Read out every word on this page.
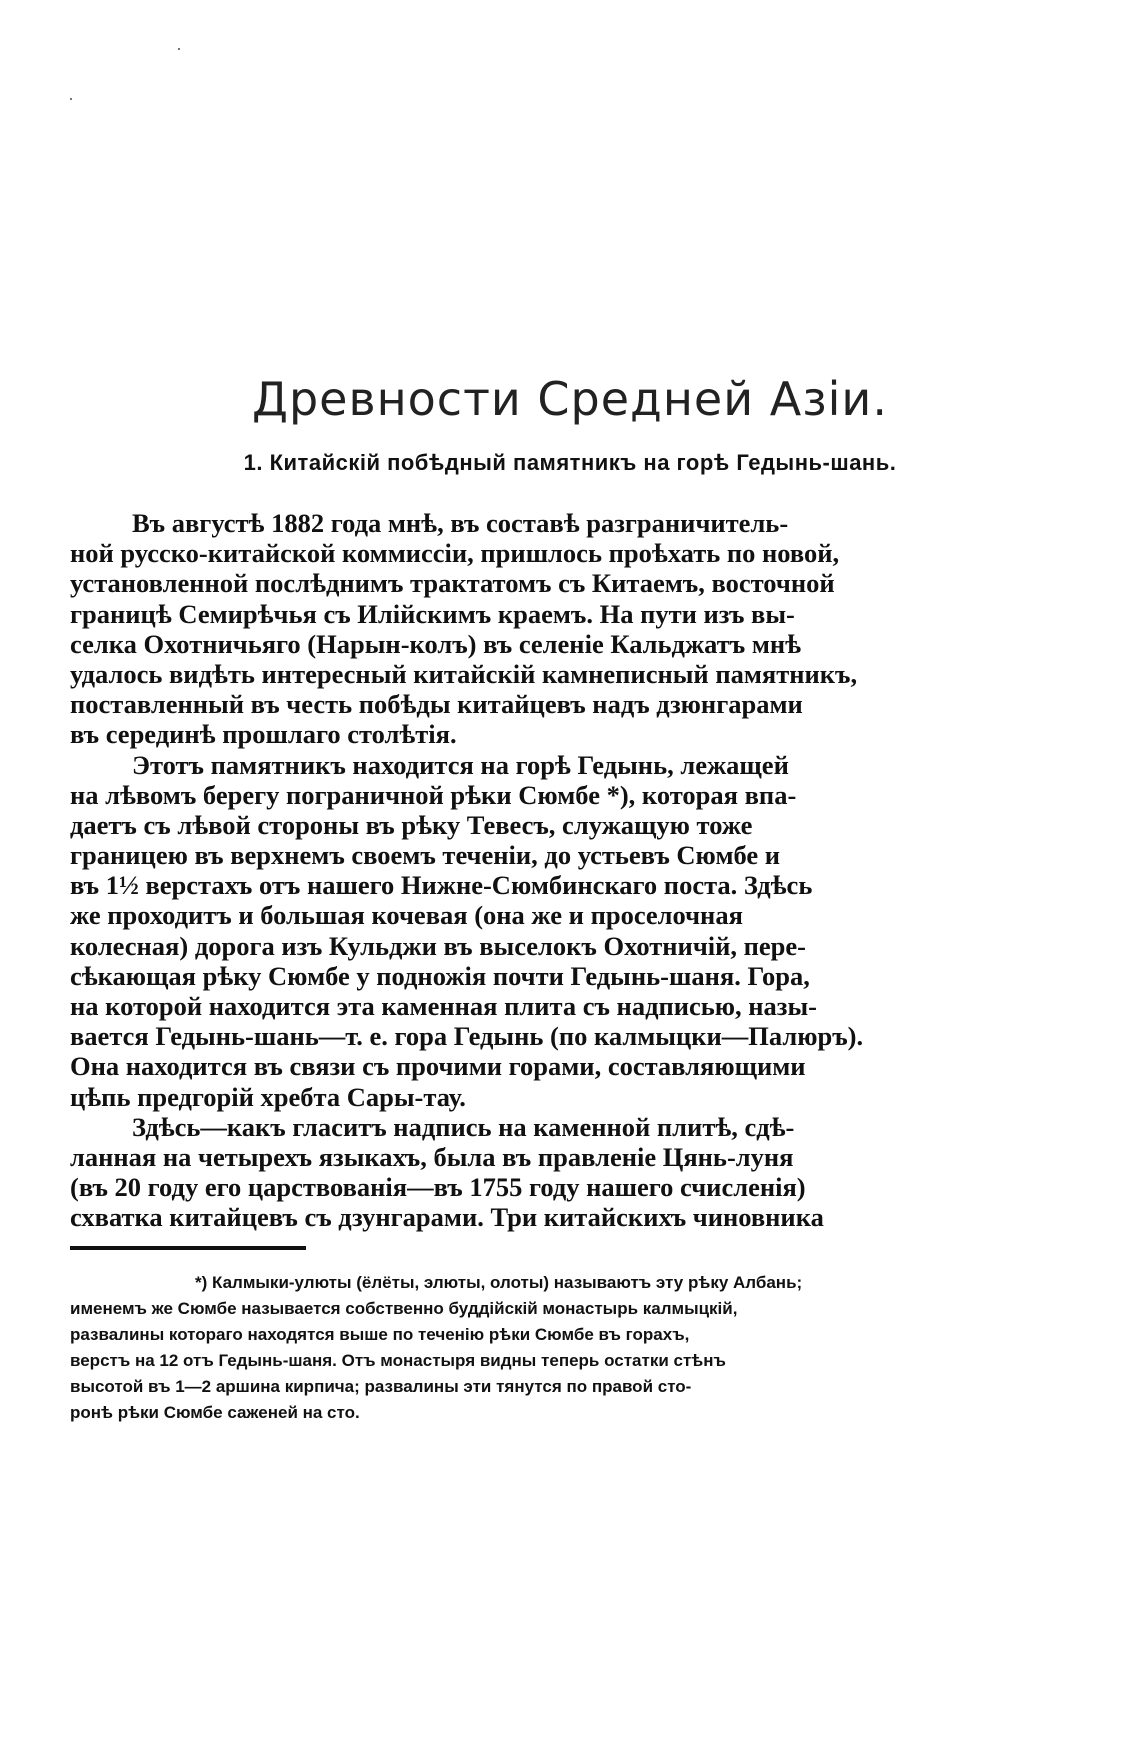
Древности Средней Азiи.
1. Китайскiй побѣдный памятникъ на горѣ Гедынь-шань.
Въ августѣ 1882 года мнѣ, въ составѣ разграничитель-
ной русско-китайской коммиссiи, пришлось проѣхать по новой,
установленной послѣднимъ трактатомъ съ Китаемъ, восточной
границѣ Семирѣчья съ Илiйскимъ краемъ. На пути изъ вы-
селка Охотничьяго (Нарын-колъ) въ селенiе Кальджатъ мнѣ
удалось видѣть интересный китайскiй камнеписный памятникъ,
поставленный въ честь побѣды китайцевъ надъ дзюнгарами
въ серединѣ прошлаго столѣтiя.
Этотъ памятникъ находится на горѣ Гедынь, лежащей
на лѣвомъ берегу пограничной рѣки Сюмбе *), которая впа-
даетъ съ лѣвой стороны въ рѣку Тевесъ, служащую тоже
границею въ верхнемъ своемъ теченiи, до устьевъ Сюмбе и
въ 1½ верстахъ отъ нашего Нижне-Сюмбинскаго поста. Здѣсь
же проходитъ и большая кочевая (она же и проселочная
колесная) дорога изъ Кульджи въ выселокъ Охотничiй, пере-
сѣкающая рѣку Сюмбе у подножiя почти Гедынь-шаня. Гора,
на которой находится эта каменная плита съ надписью, назы-
вается Гедынь-шань—т. е. гора Гедынь (по калмыцки—Палюръ).
Она находится въ связи съ прочими горами, составляющими
цѣпь предгорiй хребта Сары-тау.
Здѣсь—какъ гласитъ надпись на каменной плитѣ, сдѣ-
ланная на четырехъ языкахъ, была въ правленiе Цянь-луня
(въ 20 году его царствованiя—въ 1755 году нашего счисленiя)
схватка китайцевъ съ дзунгарами. Три китайскихъ чиновника
*) Калмыки-улюты (ёлёты, элюты, олоты) называютъ эту рѣку Албань;
именемъ же Сюмбе называется собственно буддiйскiй монастырь калмыцкiй,
развалины котораго находятся выше по теченiю рѣки Сюмбе въ горахъ,
верстъ на 12 отъ Гедынь-шаня. Отъ монастыря видны теперь остатки стѣнъ
высотой въ 1—2 аршина кирпича; развалины эти тянутся по правой сто-
ронѣ рѣки Сюмбе саженей на сто.
